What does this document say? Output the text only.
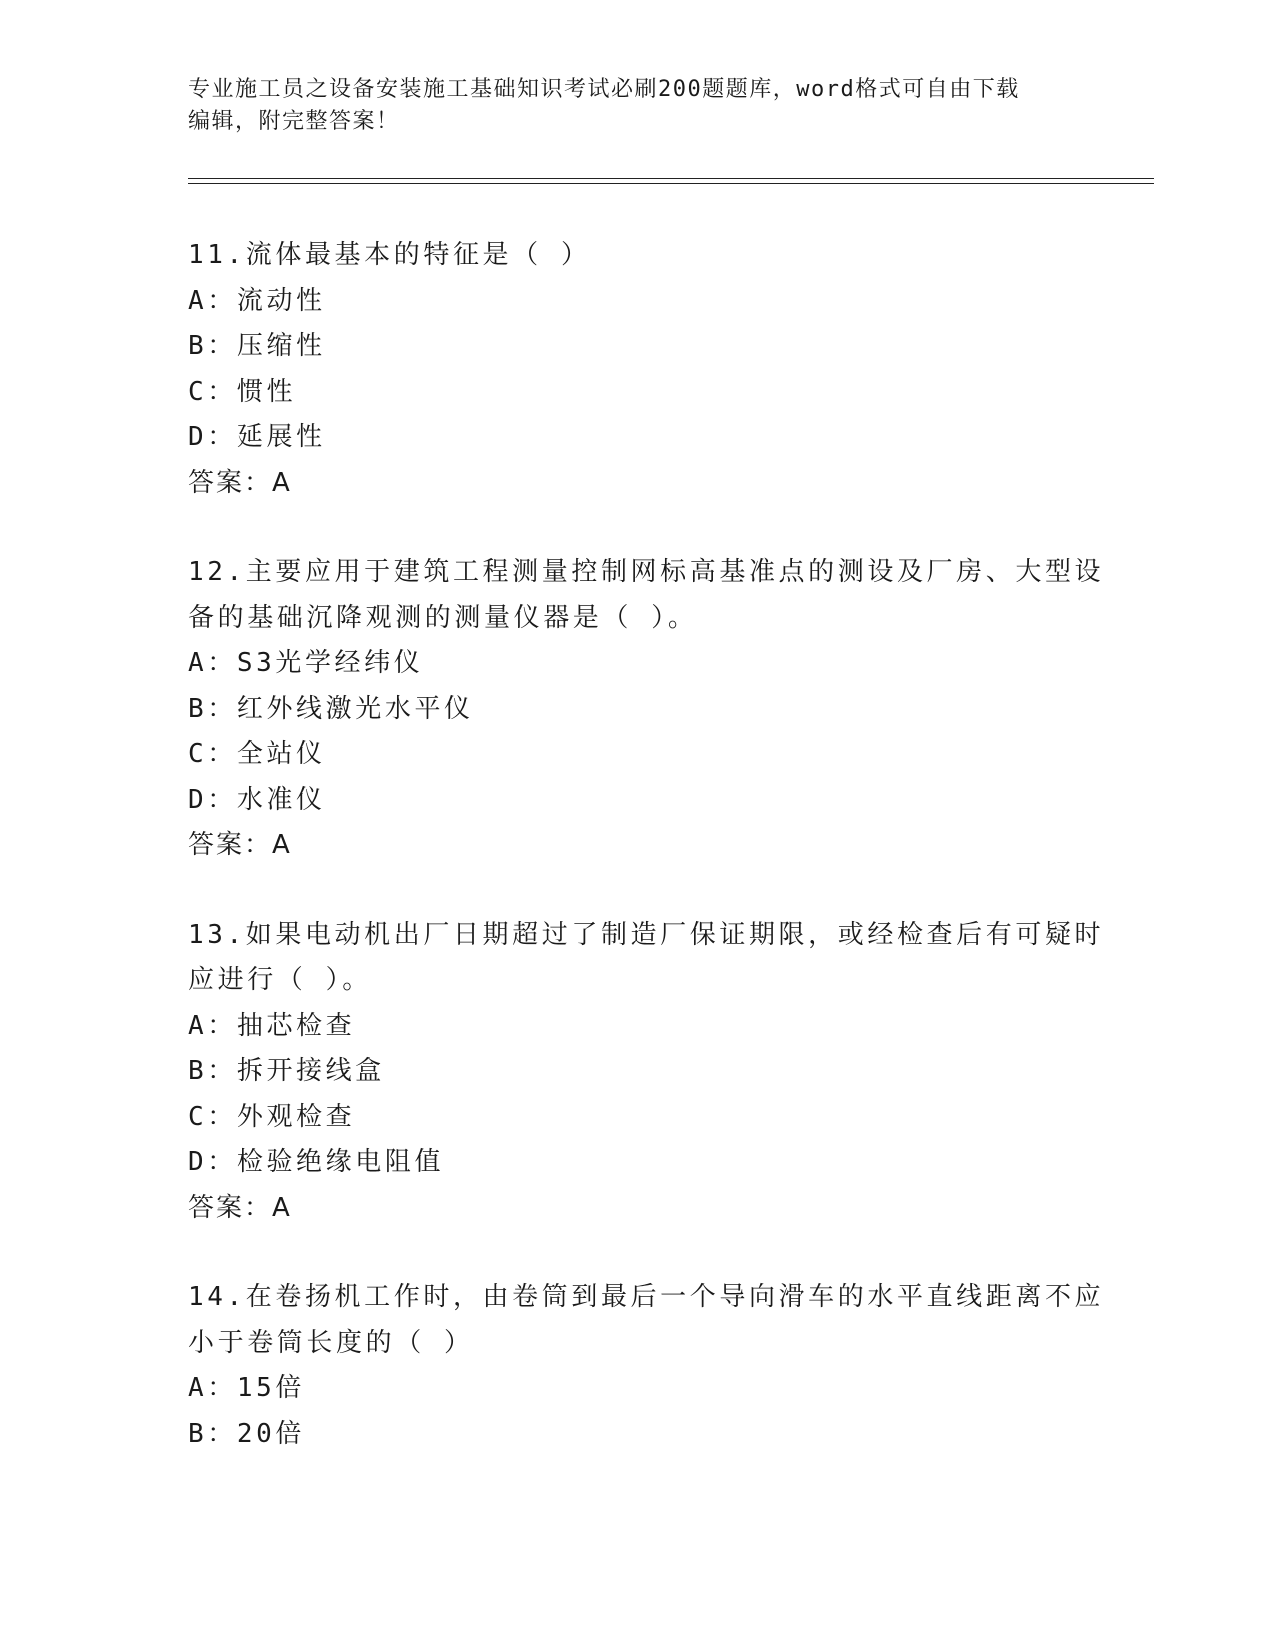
专业施工员之设备安装施工基础知识考试必刷200题题库，word格式可自由下载
编辑，附完整答案！
11.流体最基本的特征是（ ）
A：流动性
B：压缩性
C：惯性
D：延展性
答案：A
12.主要应用于建筑工程测量控制网标高基准点的测设及厂房、大型设
备的基础沉降观测的测量仪器是（ ）。
A：S3光学经纬仪
B：红外线激光水平仪
C：全站仪
D：水准仪
答案：A
13.如果电动机出厂日期超过了制造厂保证期限，或经检查后有可疑时
应进行（ ）。
A：抽芯检查
B：拆开接线盒
C：外观检查
D：检验绝缘电阻值
答案：A
14.在卷扬机工作时，由卷筒到最后一个导向滑车的水平直线距离不应
小于卷筒长度的（ ）
A：15倍
B：20倍
